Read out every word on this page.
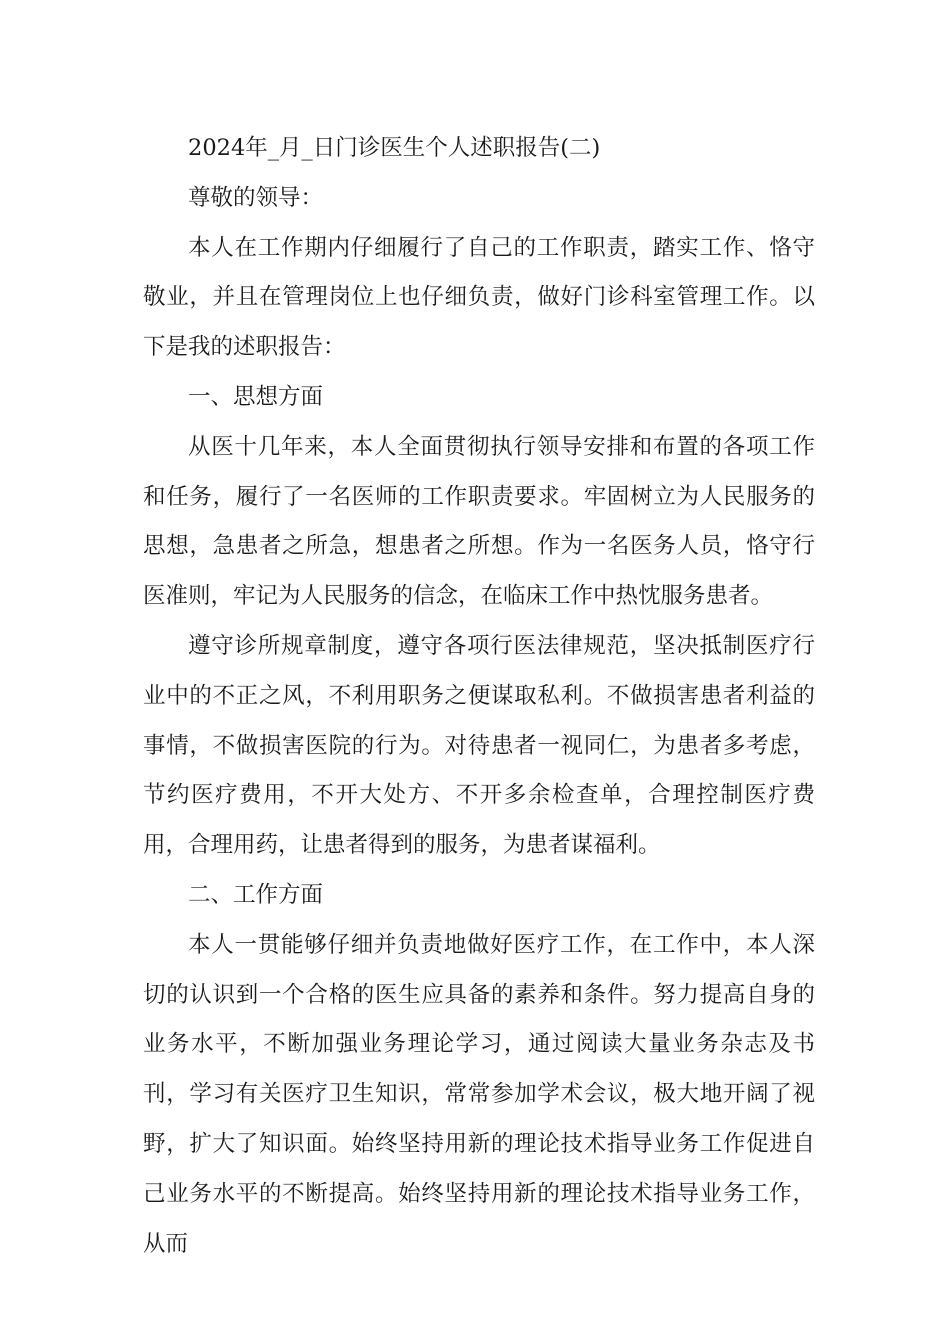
2024年_月_日门诊医生个人述职报告(二)

尊敬的领导：

本人在工作期内仔细履行了自己的工作职责，踏实工作、恪守敬业，并且在管理岗位上也仔细负责，做好门诊科室管理工作。以下是我的述职报告：

一、思想方面

从医十几年来，本人全面贯彻执行领导安排和布置的各项工作和任务，履行了一名医师的工作职责要求。牢固树立为人民服务的思想，急患者之所急，想患者之所想。作为一名医务人员，恪守行医准则，牢记为人民服务的信念，在临床工作中热忱服务患者。

遵守诊所规章制度，遵守各项行医法律规范，坚决抵制医疗行业中的不正之风，不利用职务之便谋取私利。不做损害患者利益的事情，不做损害医院的行为。对待患者一视同仁，为患者多考虑，节约医疗费用，不开大处方、不开多余检查单，合理控制医疗费用，合理用药，让患者得到的服务，为患者谋福利。

二、工作方面

本人一贯能够仔细并负责地做好医疗工作，在工作中，本人深切的认识到一个合格的医生应具备的素养和条件。努力提高自身的业务水平，不断加强业务理论学习，通过阅读大量业务杂志及书刊，学习有关医疗卫生知识，常常参加学术会议，极大地开阔了视野，扩大了知识面。始终坚持用新的理论技术指导业务工作促进自己业务水平的不断提高。始终坚持用新的理论技术指导业务工作，从而
